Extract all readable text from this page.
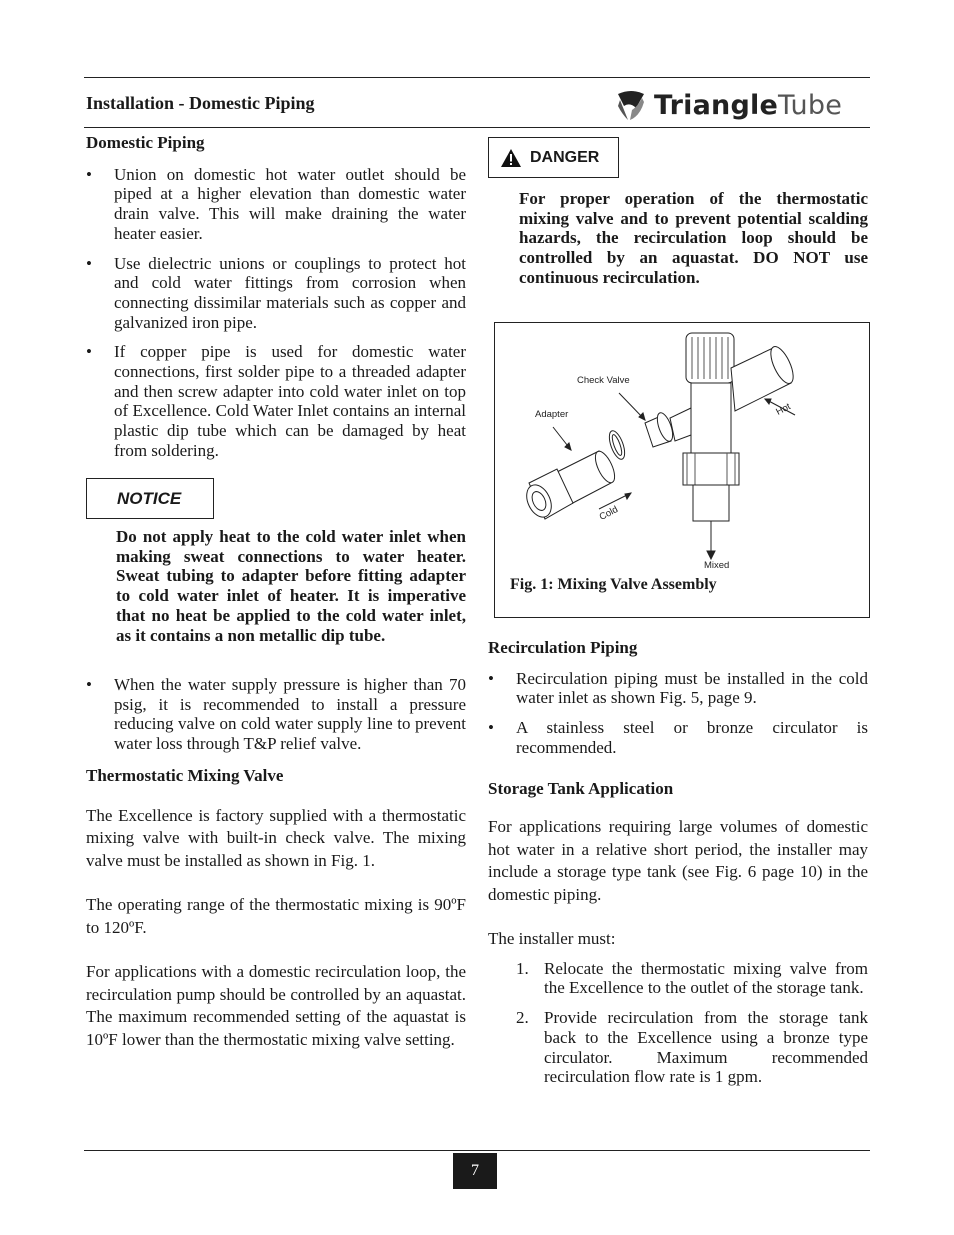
Installation - Domestic Piping	TriangleTube
Domestic Piping
• Union on domestic hot water outlet should be piped at a higher elevation than domestic water drain valve. This will make draining the water heater easier.
• Use dielectric unions or couplings to protect hot and cold water fittings from corrosion when connecting dissimilar materials such as copper and galvanized iron pipe.
• If copper pipe is used for domestic water connections, first solder pipe to a threaded adapter and then screw adapter into cold water inlet on top of Excellence. Cold Water Inlet contains an internal plastic dip tube which can be damaged by heat from soldering.
NOTICE
Do not apply heat to the cold water inlet when making sweat connections to water heater. Sweat tubing to adapter before fitting adapter to cold water inlet of heater. It is imperative that no heat be applied to the cold water inlet, as it contains a non metallic dip tube.
• When the water supply pressure is higher than 70 psig, it is recommended to install a pressure reducing valve on cold water supply line to prevent water loss through T&P relief valve.
Thermostatic Mixing Valve

The Excellence is factory supplied with a thermostatic mixing valve with built-in check valve. The mixing valve must be installed as shown in Fig. 1.

The operating range of the thermostatic mixing is 90ºF to 120ºF.

For applications with a domestic recirculation loop, the recirculation pump should be controlled by an aquastat. The maximum recommended setting of the aquastat is 10ºF lower than the thermostatic mixing valve setting.

DANGER
For proper operation of the thermostatic mixing valve and to prevent potential scalding hazards, the recirculation loop should be controlled by an aquastat. DO NOT use continuous recirculation.
Check Valve
Adapter	Hot
Cold
Mixed
Fig. 1: Mixing Valve Assembly
Recirculation Piping
• Recirculation piping must be installed in the cold water inlet as shown Fig. 5, page 9.
• A stainless steel or bronze circulator is recommended.
Storage Tank Application

For applications requiring large volumes of domestic hot water in a relative short period, the installer may include a storage type tank (see Fig. 6 page 10) in the domestic piping.

The installer must:

1. Relocate the thermostatic mixing valve from the Excellence to the outlet of the storage tank.
2. Provide recirculation from the storage tank back to the Excellence using a bronze type circulator. Maximum recommended recirculation flow rate is 1 gpm.
7
